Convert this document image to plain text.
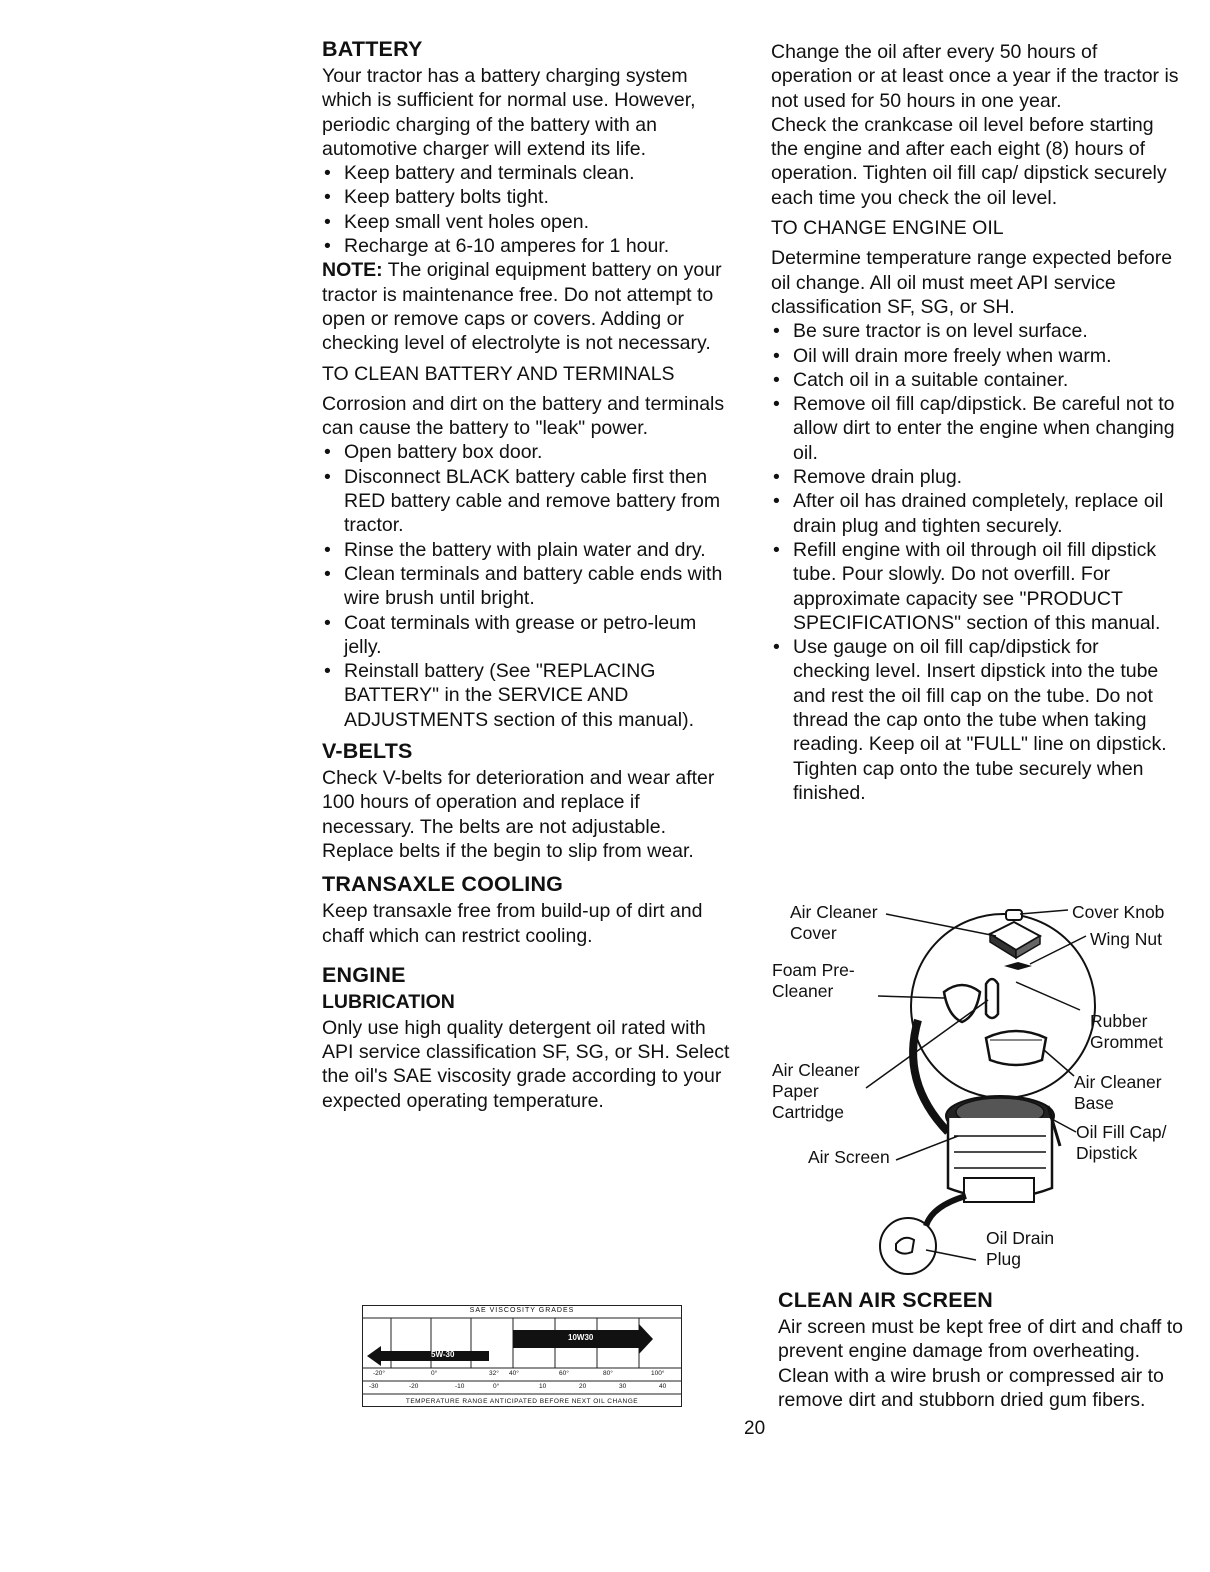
BATTERY

Your tractor has a battery charging system which is sufficient for normal use. However, periodic charging of the battery with an automotive charger will extend its life.

• Keep battery and terminals clean.
• Keep battery bolts tight.
• Keep small vent holes open.
• Recharge at 6-10 amperes for 1 hour.

NOTE: The original equipment battery on your tractor is maintenance free. Do not attempt to open or remove caps or covers. Adding or checking level of electrolyte is not necessary.

TO CLEAN BATTERY AND TERMINALS

Corrosion and dirt on the battery and terminals can cause the battery to "leak" power.

• Open battery box door.
• Disconnect BLACK battery cable first then RED battery cable and remove battery from tractor.
• Rinse the battery with plain water and dry.
• Clean terminals and battery cable ends with wire brush until bright.
• Coat terminals with grease or petro-leum jelly.
• Reinstall battery (See "REPLACING BATTERY" in the SERVICE AND ADJUSTMENTS section of this manual).
V-BELTS

Check V-belts for deterioration and wear after 100 hours of operation and replace if necessary. The belts are not adjustable. Replace belts if the begin to slip from wear.

TRANSAXLE COOLING

Keep transaxle free from build-up of dirt and chaff which can restrict cooling.

ENGINE
LUBRICATION

Only use high quality detergent oil rated with API service classification SF, SG, or SH. Select the oil's SAE viscosity grade according to your expected operating temperature.

SAE VISCOSITY GRADES
10W30
5W-30
-20°	0°	32° 40°	60°	80°	100°
-30	-20	-10	0°	10	20	30	40
TEMPERATURE RANGE ANTICIPATED BEFORE NEXT OIL CHANGE

Change the oil after every 50 hours of operation or at least once a year if the tractor is not used for 50 hours in one year.

Check the crankcase oil level before starting the engine and after each eight (8) hours of operation. Tighten oil fill cap/ dipstick securely each time you check the oil level.

TO CHANGE ENGINE OIL

Determine temperature range expected before oil change. All oil must meet API service classification SF, SG, or SH.

• Be sure tractor is on level surface.
• Oil will drain more freely when warm.
• Catch oil in a suitable container.
• Remove oil fill cap/dipstick. Be careful not to allow dirt to enter the engine when changing oil.
• Remove drain plug.
• After oil has drained completely, replace oil drain plug and tighten securely.
• Refill engine with oil through oil fill dipstick tube. Pour slowly. Do not overfill. For approximate capacity see "PRODUCT SPECIFICATIONS" section of this manual.
• Use gauge on oil fill cap/dipstick for checking level. Insert dipstick into the tube and rest the oil fill cap on the tube. Do not thread the cap onto the tube when taking reading. Keep oil at "FULL" line on dipstick. Tighten cap onto the tube securely when finished.
Air Cleaner Cover
Cover Knob
Wing Nut
Foam Pre-Cleaner
Rubber Grommet
Air Cleaner Paper Cartridge
Air Cleaner Base
Oil Fill Cap/ Dipstick
Air Screen
Oil Drain Plug
CLEAN AIR SCREEN

Air screen must be kept free of dirt and chaff to prevent engine damage from overheating. Clean with a wire brush or compressed air to remove dirt and stubborn dried gum fibers.

20
